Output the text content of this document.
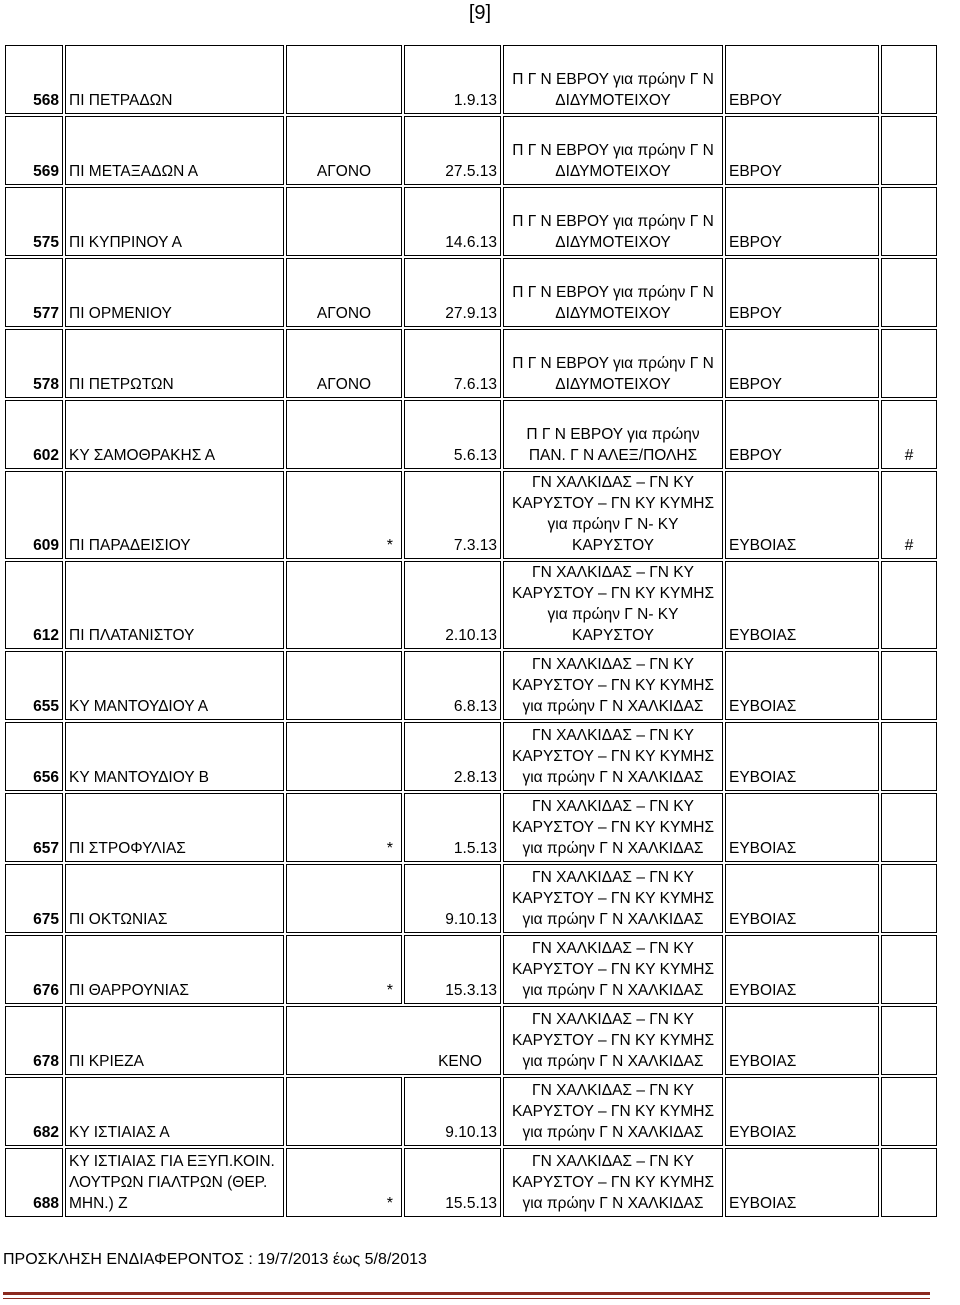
[9]
568	ΠΙ ΠΕΤΡΑΔΩΝ		1.9.13	Π Γ Ν ΕΒΡΟΥ για πρώην Γ Ν ΔΙΔΥΜΟΤΕΙΧΟΥ	ΕΒΡΟΥ	
569	ΠΙ ΜΕΤΑΞΑΔΩΝ Α	ΑΓΟΝΟ	27.5.13	Π Γ Ν ΕΒΡΟΥ για πρώην Γ Ν ΔΙΔΥΜΟΤΕΙΧΟΥ	ΕΒΡΟΥ	
575	ΠΙ ΚΥΠΡΙΝΟΥ Α		14.6.13	Π Γ Ν ΕΒΡΟΥ για πρώην Γ Ν ΔΙΔΥΜΟΤΕΙΧΟΥ	ΕΒΡΟΥ	
577	ΠΙ ΟΡΜΕΝΙΟΥ	ΑΓΟΝΟ	27.9.13	Π Γ Ν ΕΒΡΟΥ για πρώην Γ Ν ΔΙΔΥΜΟΤΕΙΧΟΥ	ΕΒΡΟΥ	
578	ΠΙ ΠΕΤΡΩΤΩΝ	ΑΓΟΝΟ	7.6.13	Π Γ Ν ΕΒΡΟΥ για πρώην Γ Ν ΔΙΔΥΜΟΤΕΙΧΟΥ	ΕΒΡΟΥ	
602	ΚΥ ΣΑΜΟΘΡΑΚΗΣ Α		5.6.13	Π Γ Ν ΕΒΡΟΥ για πρώην ΠΑΝ. Γ Ν ΑΛΕΞ/ΠΟΛΗΣ	ΕΒΡΟΥ	#
609	ΠΙ ΠΑΡΑΔΕΙΣΙΟΥ	*	7.3.13	ΓΝ ΧΑΛΚΙΔΑΣ – ΓΝ ΚΥ ΚΑΡΥΣΤΟΥ – ΓΝ ΚΥ ΚΥΜΗΣ για πρώην Γ Ν- ΚΥ ΚΑΡΥΣΤΟΥ	ΕΥΒΟΙΑΣ	#
612	ΠΙ ΠΛΑΤΑΝΙΣΤΟΥ		2.10.13	ΓΝ ΧΑΛΚΙΔΑΣ – ΓΝ ΚΥ ΚΑΡΥΣΤΟΥ – ΓΝ ΚΥ ΚΥΜΗΣ για πρώην Γ Ν- ΚΥ ΚΑΡΥΣΤΟΥ	ΕΥΒΟΙΑΣ	
655	ΚΥ ΜΑΝΤΟΥΔΙΟΥ Α		6.8.13	ΓΝ ΧΑΛΚΙΔΑΣ – ΓΝ ΚΥ ΚΑΡΥΣΤΟΥ – ΓΝ ΚΥ ΚΥΜΗΣ για πρώην Γ Ν ΧΑΛΚΙΔΑΣ	ΕΥΒΟΙΑΣ	
656	ΚΥ ΜΑΝΤΟΥΔΙΟΥ Β		2.8.13	ΓΝ ΧΑΛΚΙΔΑΣ – ΓΝ ΚΥ ΚΑΡΥΣΤΟΥ – ΓΝ ΚΥ ΚΥΜΗΣ για πρώην Γ Ν ΧΑΛΚΙΔΑΣ	ΕΥΒΟΙΑΣ	
657	ΠΙ ΣΤΡΟΦΥΛΙΑΣ	*	1.5.13	ΓΝ ΧΑΛΚΙΔΑΣ – ΓΝ ΚΥ ΚΑΡΥΣΤΟΥ – ΓΝ ΚΥ ΚΥΜΗΣ για πρώην Γ Ν ΧΑΛΚΙΔΑΣ	ΕΥΒΟΙΑΣ	
675	ΠΙ ΟΚΤΩΝΙΑΣ		9.10.13	ΓΝ ΧΑΛΚΙΔΑΣ – ΓΝ ΚΥ ΚΑΡΥΣΤΟΥ – ΓΝ ΚΥ ΚΥΜΗΣ για πρώην Γ Ν ΧΑΛΚΙΔΑΣ	ΕΥΒΟΙΑΣ	
676	ΠΙ ΘΑΡΡΟΥΝΙΑΣ	*	15.3.13	ΓΝ ΧΑΛΚΙΔΑΣ – ΓΝ ΚΥ ΚΑΡΥΣΤΟΥ – ΓΝ ΚΥ ΚΥΜΗΣ για πρώην Γ Ν ΧΑΛΚΙΔΑΣ	ΕΥΒΟΙΑΣ	
678	ΠΙ ΚΡΙΕΖΑ	ΚΕΝΟ		ΓΝ ΧΑΛΚΙΔΑΣ – ΓΝ ΚΥ ΚΑΡΥΣΤΟΥ – ΓΝ ΚΥ ΚΥΜΗΣ για πρώην Γ Ν ΧΑΛΚΙΔΑΣ	ΕΥΒΟΙΑΣ	
682	ΚΥ ΙΣΤΙΑΙΑΣ Α		9.10.13	ΓΝ ΧΑΛΚΙΔΑΣ – ΓΝ ΚΥ ΚΑΡΥΣΤΟΥ – ΓΝ ΚΥ ΚΥΜΗΣ για πρώην Γ Ν ΧΑΛΚΙΔΑΣ	ΕΥΒΟΙΑΣ	
688	ΚΥ ΙΣΤΙΑΙΑΣ ΓΙΑ ΕΞΥΠ.ΚΟΙΝ. ΛΟΥΤΡΩΝ ΓΙΑΛΤΡΩΝ (ΘΕΡ. ΜΗΝ.) Ζ	*	15.5.13	ΓΝ ΧΑΛΚΙΔΑΣ – ΓΝ ΚΥ ΚΑΡΥΣΤΟΥ – ΓΝ ΚΥ ΚΥΜΗΣ για πρώην Γ Ν ΧΑΛΚΙΔΑΣ	ΕΥΒΟΙΑΣ	
ΠΡΟΣΚΛΗΣΗ ΕΝΔΙΑΦΕΡΟΝΤΟΣ : 19/7/2013 έως 5/8/2013
